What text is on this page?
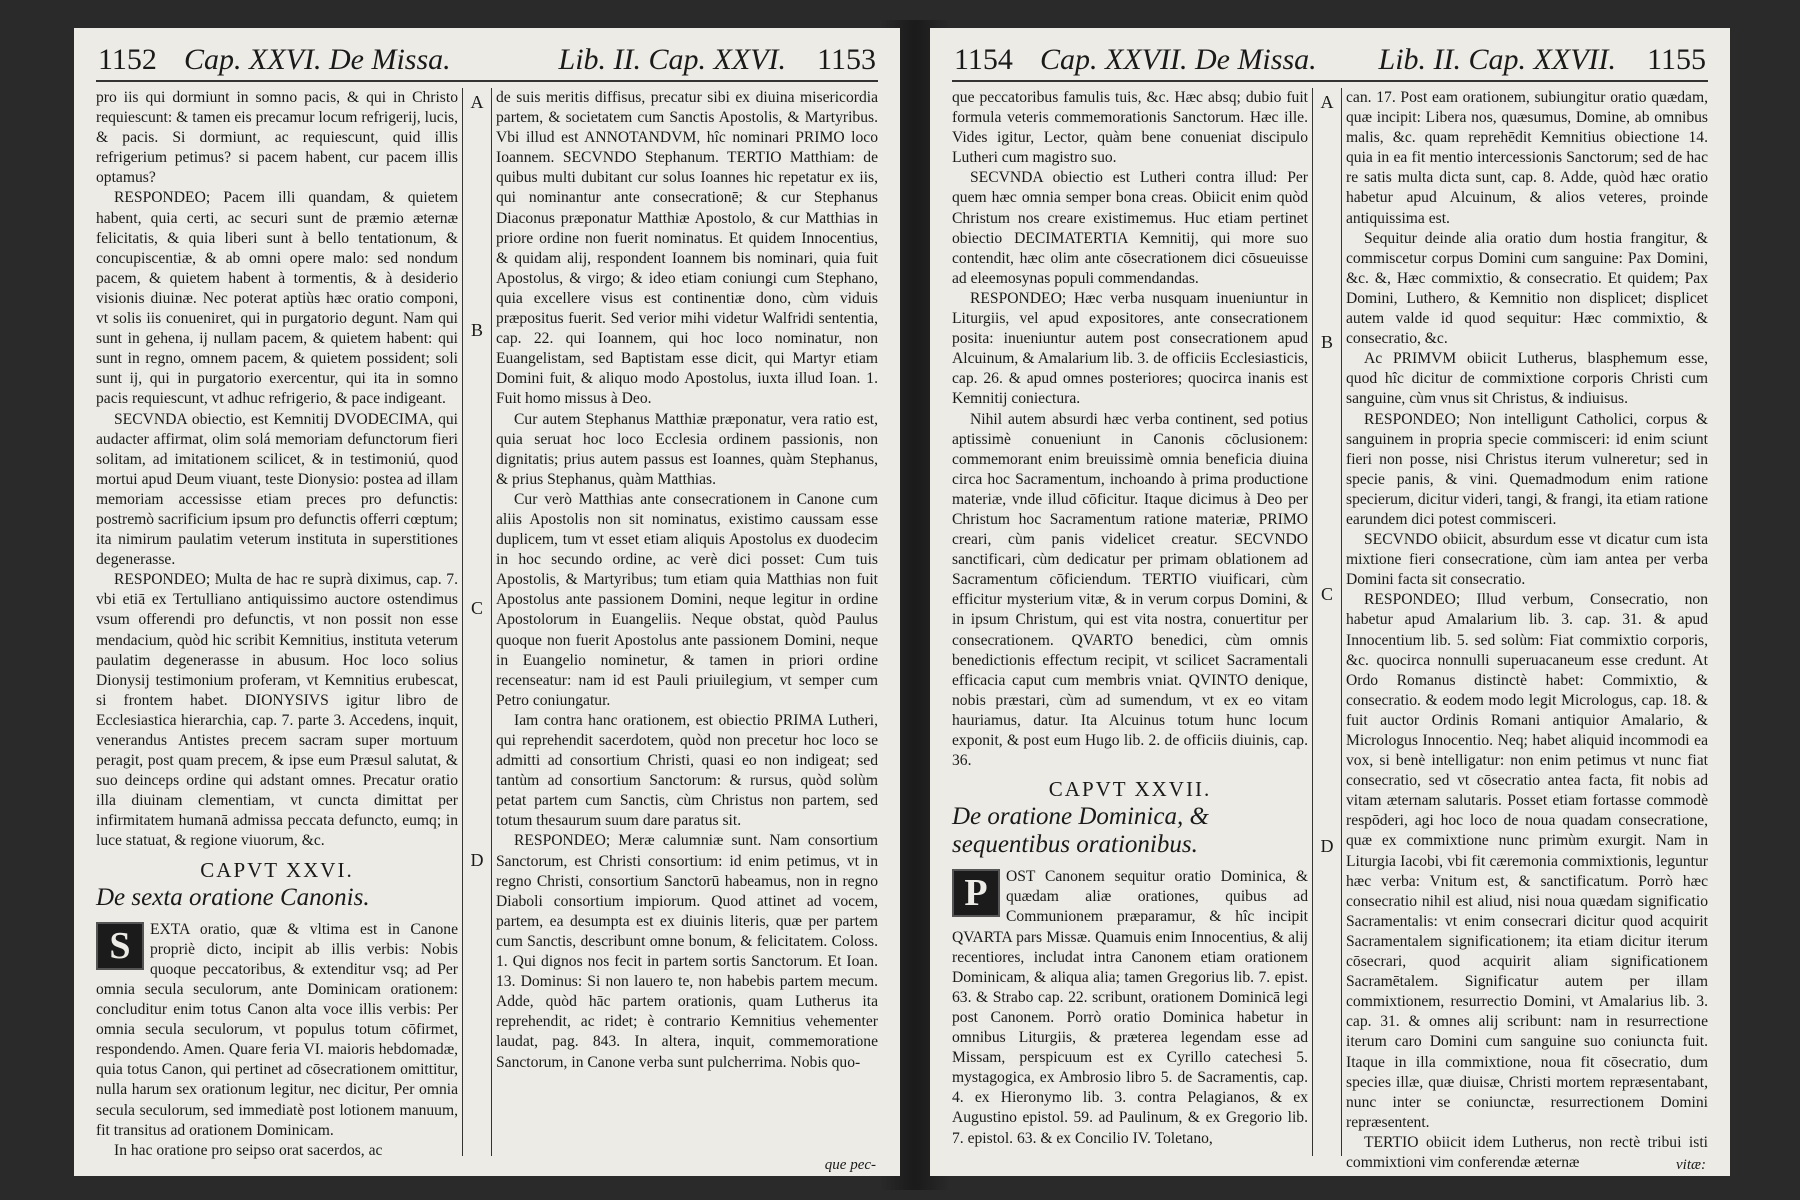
1152 Cap. XXVI. De Missa.	Lib. II. Cap. XXVI. 1153

pro iis qui dormiunt in somno pacis, & qui in Christo requiescunt: & tamen eis precamur locum refrigerij, lucis, & pacis. Si dormiunt, ac requiescunt, quid illis refrigerium petimus? si pacem habent, cur pacem illis optamus?

RESPONDEO; Pacem illi quandam, & quietem habent, quia certi, ac securi sunt de præmio æternæ felicitatis, & quia liberi sunt à bello tentationum, & concupiscentiæ, & ab omni opere malo: sed nondum pacem, & quietem habent à tormentis, & à desiderio visionis diuinæ. Nec poterat aptiùs hæc oratio componi, vt solis iis conueniret, qui in purgatorio degunt. Nam qui sunt in gehena, ij nullam pacem, & quietem habent: qui sunt in regno, omnem pacem, & quietem possident; soli sunt ij, qui in purgatorio exercentur, qui ita in somno pacis requiescunt, vt adhuc refrigerio, & pace indigeant.

SECVNDA obiectio, est Kemnitij DVODECIMA, qui audacter affirmat, olim solá memoriam defunctorum fieri solitam, ad imitationem scilicet, & in testimoniú, quod mortui apud Deum viuant, teste Dionysio: postea ad illam memoriam accessisse etiam preces pro defunctis: postremò sacrificium ipsum pro defunctis offerri cœptum; ita nimirum paulatim veterum instituta in superstitiones degenerasse.

RESPONDEO; Multa de hac re suprà diximus, cap. 7. vbi etiā ex Tertulliano antiquissimo auctore ostendimus vsum offerendi pro defunctis, vt non possit non esse mendacium, quòd hic scribit Kemnitius, instituta veterum paulatim degenerasse in abusum. Hoc loco solius Dionysij testimonium proferam, vt Kemnitius erubescat, si frontem habet. DIONYSIVS igitur libro de Ecclesiastica hierarchia, cap. 7. parte 3. Accedens, inquit, venerandus Antistes precem sacram super mortuum peragit, post quam precem, & ipse eum Præsul salutat, & suo deinceps ordine qui adstant omnes. Precatur oratio illa diuinam clementiam, vt cuncta dimittat per infirmitatem humanā admissa peccata defuncto, eumq; in luce statuat, & regione viuorum, &c.

CAPVT XXVI.
De sexta oratione Canonis.
S	EXTA oratio, quæ & vltima est in Canone propriè dicto, incipit ab illis verbis: Nobis quoque peccatoribus, & extenditur vsq; ad Per omnia secula seculorum, ante Dominicam orationem: concluditur enim totus Canon alta voce illis verbis: Per omnia secula seculorum, vt populus totum cōfirmet, respondendo. Amen. Quare feria VI. maioris hebdomadæ, quia totus Canon, qui pertinet ad cōsecrationem omittitur, nulla harum sex orationum legitur, nec dicitur, Per omnia secula seculorum, sed immediatè post lotionem manuum, fit transitus ad orationem Dominicam.

In hac oratione pro seipso orat sacerdos, ac

A
B
C
D

de suis meritis diffisus, precatur sibi ex diuina misericordia partem, & societatem cum Sanctis Apostolis, & Martyribus. Vbi illud est ANNOTANDVM, hîc nominari PRIMO loco Ioannem. SECVNDO Stephanum. TERTIO Matthiam: de quibus multi dubitant cur solus Ioannes hic repetatur ex iis, qui nominantur ante consecrationē; & cur Stephanus Diaconus præponatur Matthiæ Apostolo, & cur Matthias in priore ordine non fuerit nominatus. Et quidem Innocentius, & quidam alij, respondent Ioannem bis nominari, quia fuit Apostolus, & virgo; & ideo etiam coniungi cum Stephano, quia excellere visus est continentiæ dono, cùm viduis præpositus fuerit. Sed verior mihi videtur Walfridi sententia, cap. 22. qui Ioannem, qui hoc loco nominatur, non Euangelistam, sed Baptistam esse dicit, qui Martyr etiam Domini fuit, & aliquo modo Apostolus, iuxta illud Ioan. 1. Fuit homo missus à Deo.

Cur autem Stephanus Matthiæ præponatur, vera ratio est, quia seruat hoc loco Ecclesia ordinem passionis, non dignitatis; prius autem passus est Ioannes, quàm Stephanus, & prius Stephanus, quàm Matthias.

Cur verò Matthias ante consecrationem in Canone cum aliis Apostolis non sit nominatus, existimo caussam esse duplicem, tum vt esset etiam aliquis Apostolus ex duodecim in hoc secundo ordine, ac verè dici posset: Cum tuis Apostolis, & Martyribus; tum etiam quia Matthias non fuit Apostolus ante passionem Domini, neque legitur in ordine Apostolorum in Euangeliis. Neque obstat, quòd Paulus quoque non fuerit Apostolus ante passionem Domini, neque in Euangelio nominetur, & tamen in priori ordine recenseatur: nam id est Pauli priuilegium, vt semper cum Petro coniungatur.

Iam contra hanc orationem, est obiectio PRIMA Lutheri, qui reprehendit sacerdotem, quòd non precetur hoc loco se admitti ad consortium Christi, quasi eo non indigeat; sed tantùm ad consortium Sanctorum: & rursus, quòd solùm petat partem cum Sanctis, cùm Christus non partem, sed totum thesaurum suum dare paratus sit.

RESPONDEO; Meræ calumniæ sunt. Nam consortium Sanctorum, est Christi consortium: id enim petimus, vt in regno Christi, consortium Sanctorū habeamus, non in regno Diaboli consortium impiorum. Quod attinet ad vocem, partem, ea desumpta est ex diuinis literis, quæ per partem cum Sanctis, describunt omne bonum, & felicitatem. Coloss. 1. Qui dignos nos fecit in partem sortis Sanctorum. Et Ioan. 13. Dominus: Si non lauero te, non habebis partem mecum. Adde, quòd hāc partem orationis, quam Lutherus ita reprehendit, ac ridet; è contrario Kemnitius vehementer laudat, pag. 843. In altera, inquit, commemoratione Sanctorum, in Canone verba sunt pulcherrima. Nobis quo-

que pec-
1154 Cap. XXVII. De Missa. Lib. II. Cap. XXVII. 1155

que peccatoribus famulis tuis, &c. Hæc absq; dubio fuit formula veteris commemorationis Sanctorum. Hæc ille. Vides igitur, Lector, quàm bene conueniat discipulo Lutheri cum magistro suo.

SECVNDA obiectio est Lutheri contra illud: Per quem hæc omnia semper bona creas. Obiicit enim quòd Christum nos creare existimemus. Huc etiam pertinet obiectio DECIMATERTIA Kemnitij, qui more suo contendit, hæc olim ante cōsecrationem dici cōsueuisse ad eleemosynas populi commendandas.

RESPONDEO; Hæc verba nusquam inueniuntur in Liturgiis, vel apud expositores, ante consecrationem posita: inueniuntur autem post consecrationem apud Alcuinum, & Amalarium lib. 3. de officiis Ecclesiasticis, cap. 26. & apud omnes posteriores; quocirca inanis est Kemnitij coniectura.

Nihil autem absurdi hæc verba continent, sed potius aptissimè conueniunt in Canonis cōclusionem: commemorant enim breuissimè omnia beneficia diuina circa hoc Sacramentum, inchoando à prima productione materiæ, vnde illud cōficitur. Itaque dicimus à Deo per Christum hoc Sacramentum ratione materiæ, PRIMO creari, cùm panis videlicet creatur. SECVNDO sanctificari, cùm dedicatur per primam oblationem ad Sacramentum cōficiendum. TERTIO viuificari, cùm efficitur mysterium vitæ, & in verum corpus Domini, & in ipsum Christum, qui est vita nostra, conuertitur per consecrationem. QVARTO benedici, cùm omnis benedictionis effectum recipit, vt scilicet Sacramentali efficacia caput cum membris vniat. QVINTO denique, nobis præstari, cùm ad sumendum, vt ex eo vitam hauriamus, datur. Ita Alcuinus totum hunc locum exponit, & post eum Hugo lib. 2. de officiis diuinis, cap. 36.

CAPVT XXVII.
De oratione Dominica, & sequentibus orationibus.
P	OST Canonem sequitur oratio Dominica, & quædam aliæ orationes, quibus ad Communionem præparamur, & hîc incipit QVARTA pars Missæ. Quamuis enim Innocentius, & alij recentiores, includat intra Canonem etiam orationem Dominicam, & aliqua alia; tamen Gregorius lib. 7. epist. 63. & Strabo cap. 22. scribunt, orationem Dominicā legi post Canonem. Porrò oratio Dominica habetur in omnibus Liturgiis, & præterea legendam esse ad Missam, perspicuum est ex Cyrillo catechesi 5. mystagogica, ex Ambrosio libro 5. de Sacramentis, cap. 4. ex Hieronymo lib. 3. contra Pelagianos, & ex Augustino epistol. 59. ad Paulinum, & ex Gregorio lib. 7. epistol. 63. & ex Concilio IV. Toletano,

A
B
C
D

can. 17. Post eam orationem, subiungitur oratio quædam, quæ incipit: Libera nos, quæsumus, Domine, ab omnibus malis, &c. quam reprehēdit Kemnitius obiectione 14. quia in ea fit mentio intercessionis Sanctorum; sed de hac re satis multa dicta sunt, cap. 8. Adde, quòd hæc oratio habetur apud Alcuinum, & alios veteres, proinde antiquissima est.

Sequitur deinde alia oratio dum hostia frangitur, & commiscetur corpus Domini cum sanguine: Pax Domini, &c. &, Hæc commixtio, & consecratio. Et quidem; Pax Domini, Luthero, & Kemnitio non displicet; displicet autem valde id quod sequitur: Hæc commixtio, & consecratio, &c.

Ac PRIMVM obiicit Lutherus, blasphemum esse, quod hîc dicitur de commixtione corporis Christi cum sanguine, cùm vnus sit Christus, & indiuisus.

RESPONDEO; Non intelligunt Catholici, corpus & sanguinem in propria specie commisceri: id enim sciunt fieri non posse, nisi Christus iterum vulneretur; sed in specie panis, & vini. Quemadmodum enim ratione specierum, dicitur videri, tangi, & frangi, ita etiam ratione earundem dici potest commisceri.

SECVNDO obiicit, absurdum esse vt dicatur cum ista mixtione fieri consecratione, cùm iam antea per verba Domini facta sit consecratio.

RESPONDEO; Illud verbum, Consecratio, non habetur apud Amalarium lib. 3. cap. 31. & apud Innocentium lib. 5. sed solùm: Fiat commixtio corporis, &c. quocirca nonnulli superuacaneum esse credunt. At Ordo Romanus distinctè habet: Commixtio, & consecratio. & eodem modo legit Micrologus, cap. 18. & fuit auctor Ordinis Romani antiquior Amalario, & Micrologus Innocentio. Neq; habet aliquid incommodi ea vox, si benè intelligatur: non enim petimus vt nunc fiat consecratio, sed vt cōsecratio antea facta, fit nobis ad vitam æternam salutaris. Posset etiam fortasse commodè respōderi, agi hoc loco de noua quadam consecratione, quæ ex commixtione nunc primùm exurgit. Nam in Liturgia Iacobi, vbi fit cæremonia commixtionis, leguntur hæc verba: Vnitum est, & sanctificatum. Porrò hæc consecratio nihil est aliud, nisi noua quædam significatio Sacramentalis: vt enim consecrari dicitur quod acquirit Sacramentalem significationem; ita etiam dicitur iterum cōsecrari, quod acquirit aliam significationem Sacramētalem. Significatur autem per illam commixtionem, resurrectio Domini, vt Amalarius lib. 3. cap. 31. & omnes alij scribunt: nam in resurrectione iterum caro Domini cum sanguine suo coniuncta fuit. Itaque in illa commixtione, noua fit cōsecratio, dum species illæ, quæ diuisæ, Christi mortem repræsentabant, nunc inter se coniunctæ, resurrectionem Domini repræsentent.

TERTIO obiicit idem Lutherus, non rectè tribui isti commixtioni vim conferendæ æternæ	vitæ:
